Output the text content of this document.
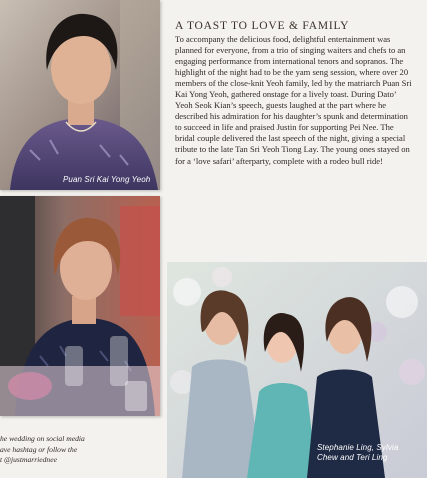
Puan Sri Kai Yong Yeoh
A TOAST TO LOVE & FAMILY

To accompany the delicious food, delightful entertainment was planned for everyone, from a trio of singing waiters and chefs to an engaging performance from international tenors and sopranos. The highlight of the night had to be the yam seng session, where over 20 members of the close-knit Yeoh family, led by the matriarch Puan Sri Kai Yong Yeoh, gathered onstage for a lively toast. During Dato’ Yeoh Seok Kian’s speech, guests laughed at the part where he described his admiration for his daughter’s spunk and determination to succeed in life and praised Justin for supporting Pei Nee. The bridal couple delivered the last speech of the night, giving a special tribute to the late Tan Sri Yeoh Tiong Lay. The young ones stayed on for a ‘love safari’ afterparty, complete with a rodeo bull ride!

Stephanie Ling, Sylvia Chew and Teri Ling
he wedding on social media
ave hashtag or follow the
t @justmarriednee
